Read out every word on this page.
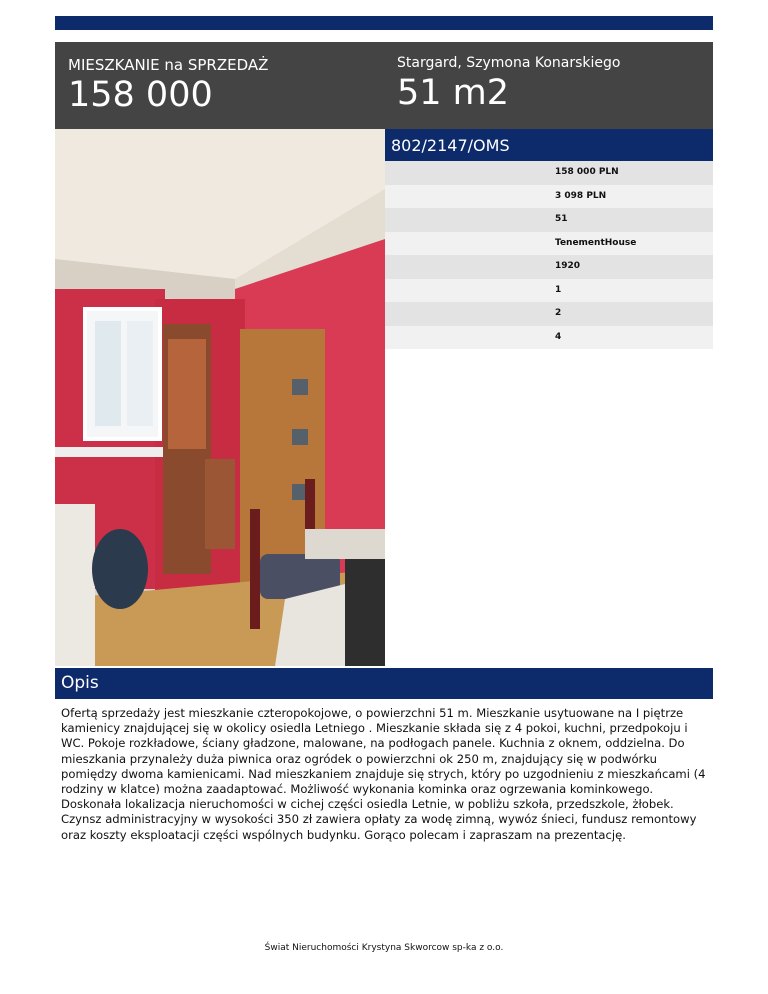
MIESZKANIE na SPRZEDAŻ
158 000
Stargard, Szymona Konarskiego
51 m2
802/2147/OMS
158 000 PLN
3 098 PLN
51
TenementHouse
1920
1
2
4
Opis
Ofertą sprzedaży jest mieszkanie czteropokojowe, o powierzchni 51 m. Mieszkanie usytuowane na I piętrze kamienicy znajdującej się w okolicy osiedla Letniego . Mieszkanie składa się z 4 pokoi, kuchni, przedpokoju i WC. Pokoje rozkładowe, ściany gładzone, malowane, na podłogach panele. Kuchnia z oknem, oddzielna. Do mieszkania przynależy duża piwnica oraz ogródek o powierzchni ok 250 m, znajdujący się w podwórku pomiędzy dwoma kamienicami. Nad mieszkaniem znajduje się strych, który po uzgodnieniu z mieszkańcami (4 rodziny w klatce) można zaadaptować. Możliwość wykonania kominka oraz ogrzewania kominkowego. Doskonała lokalizacja nieruchomości w cichej części osiedla Letnie, w pobliżu szkoła, przedszkole, żłobek. Czynsz administracyjny w wysokości 350 zł zawiera opłaty za wodę zimną, wywóz śnieci, fundusz remontowy oraz koszty eksploatacji części wspólnych budynku. Gorąco polecam i zapraszam na prezentację.
Świat Nieruchomości Krystyna Skworcow sp-ka z o.o.
